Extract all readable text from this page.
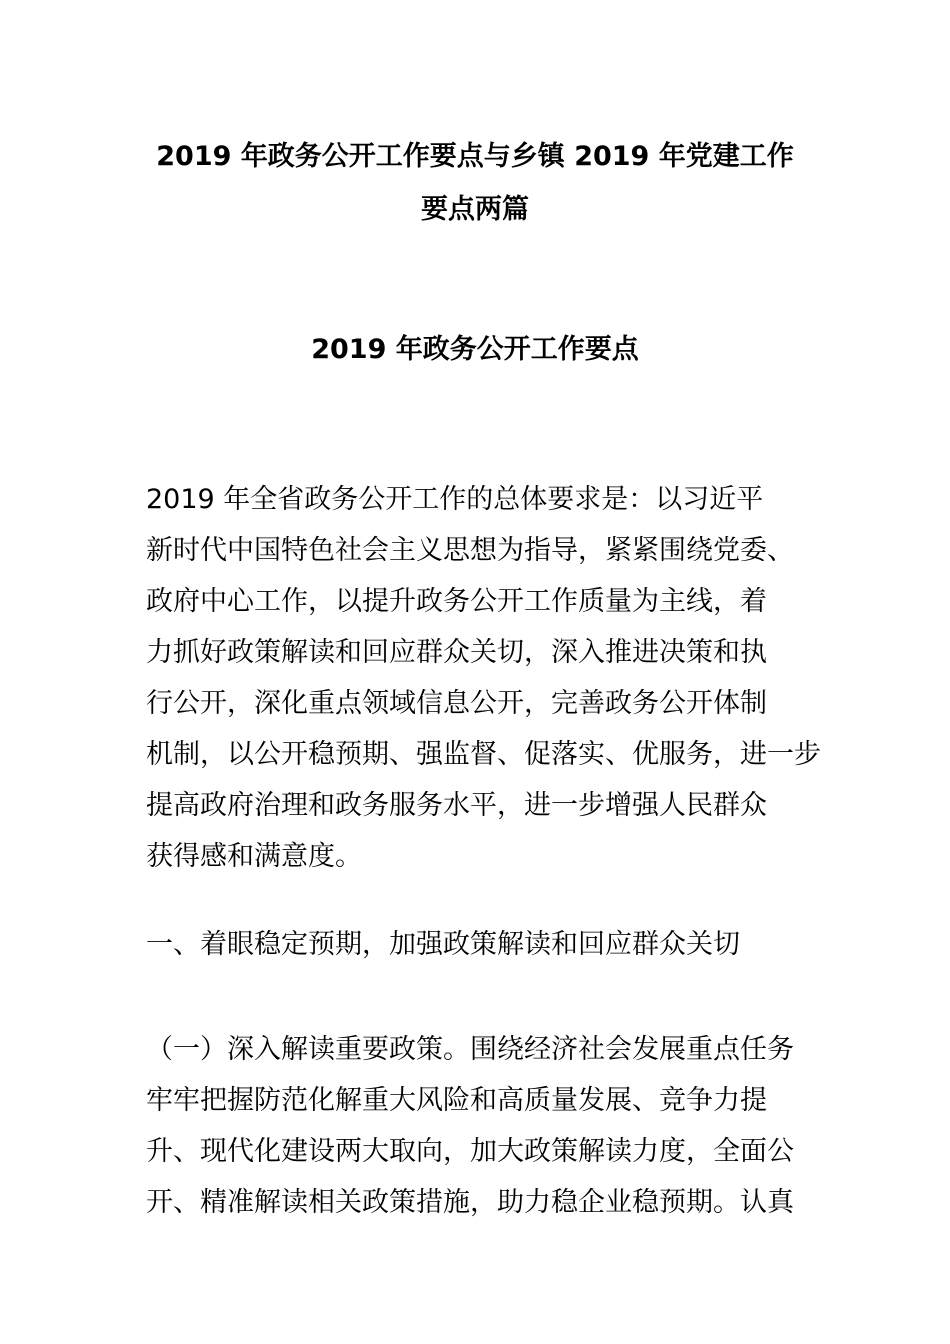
2019 年政务公开工作要点与乡镇 2019 年党建工作
要点两篇
2019 年政务公开工作要点

2019 年全省政务公开工作的总体要求是：以习近平
新时代中国特色社会主义思想为指导，紧紧围绕党委、
政府中心工作，以提升政务公开工作质量为主线，着
力抓好政策解读和回应群众关切，深入推进决策和执
行公开，深化重点领域信息公开，完善政务公开体制
机制，以公开稳预期、强监督、促落实、优服务，进一步
提高政府治理和政务服务水平，进一步增强人民群众
获得感和满意度。

一、着眼稳定预期，加强政策解读和回应群众关切

（一）深入解读重要政策。围绕经济社会发展重点任务
牢牢把握防范化解重大风险和高质量发展、竞争力提
升、现代化建设两大取向，加大政策解读力度，全面公
开、精准解读相关政策措施，助力稳企业稳预期。认真
